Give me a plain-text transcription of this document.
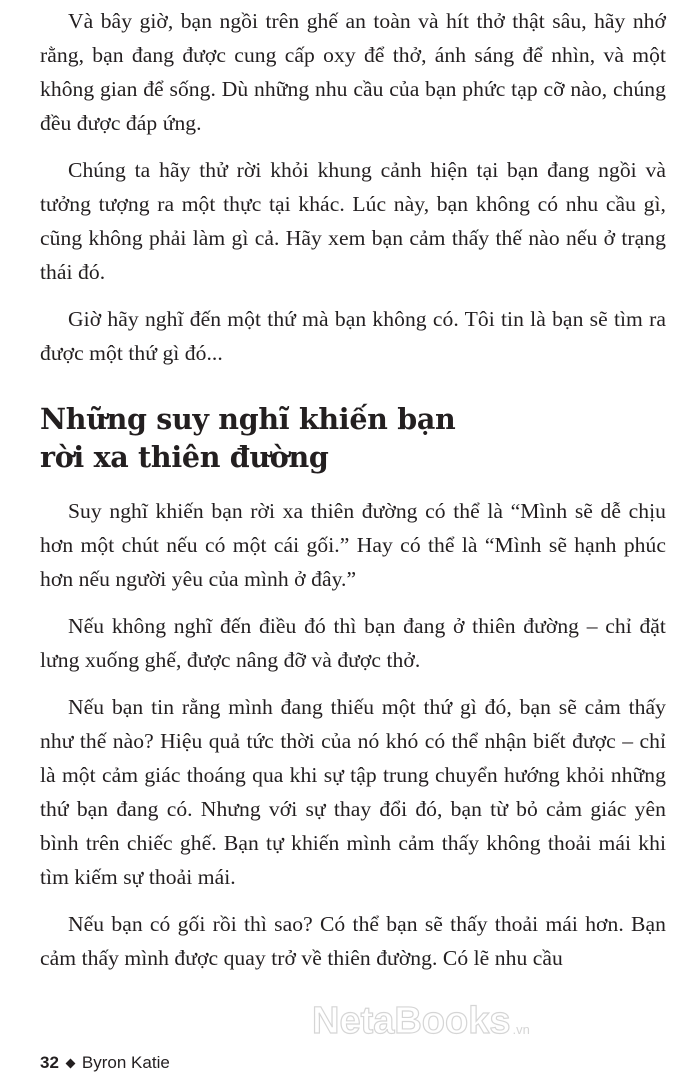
Và bây giờ, bạn ngồi trên ghế an toàn và hít thở thật sâu, hãy nhớ rằng, bạn đang được cung cấp oxy để thở, ánh sáng để nhìn, và một không gian để sống. Dù những nhu cầu của bạn phức tạp cỡ nào, chúng đều được đáp ứng.

Chúng ta hãy thử rời khỏi khung cảnh hiện tại bạn đang ngồi và tưởng tượng ra một thực tại khác. Lúc này, bạn không có nhu cầu gì, cũng không phải làm gì cả. Hãy xem bạn cảm thấy thế nào nếu ở trạng thái đó.

Giờ hãy nghĩ đến một thứ mà bạn không có. Tôi tin là bạn sẽ tìm ra được một thứ gì đó...

Những suy nghĩ khiến bạn
rời xa thiên đường

Suy nghĩ khiến bạn rời xa thiên đường có thể là “Mình sẽ dễ chịu hơn một chút nếu có một cái gối.” Hay có thể là “Mình sẽ hạnh phúc hơn nếu người yêu của mình ở đây.”

Nếu không nghĩ đến điều đó thì bạn đang ở thiên đường – chỉ đặt lưng xuống ghế, được nâng đỡ và được thở.

Nếu bạn tin rằng mình đang thiếu một thứ gì đó, bạn sẽ cảm thấy như thế nào? Hiệu quả tức thời của nó khó có thể nhận biết được – chỉ là một cảm giác thoáng qua khi sự tập trung chuyển hướng khỏi những thứ bạn đang có. Nhưng với sự thay đổi đó, bạn từ bỏ cảm giác yên bình trên chiếc ghế. Bạn tự khiến mình cảm thấy không thoải mái khi tìm kiếm sự thoải mái.

Nếu bạn có gối rồi thì sao? Có thể bạn sẽ thấy thoải mái hơn. Bạn cảm thấy mình được quay trở về thiên đường. Có lẽ nhu cầu

NetaBooks .vn
32 Byron Katie
